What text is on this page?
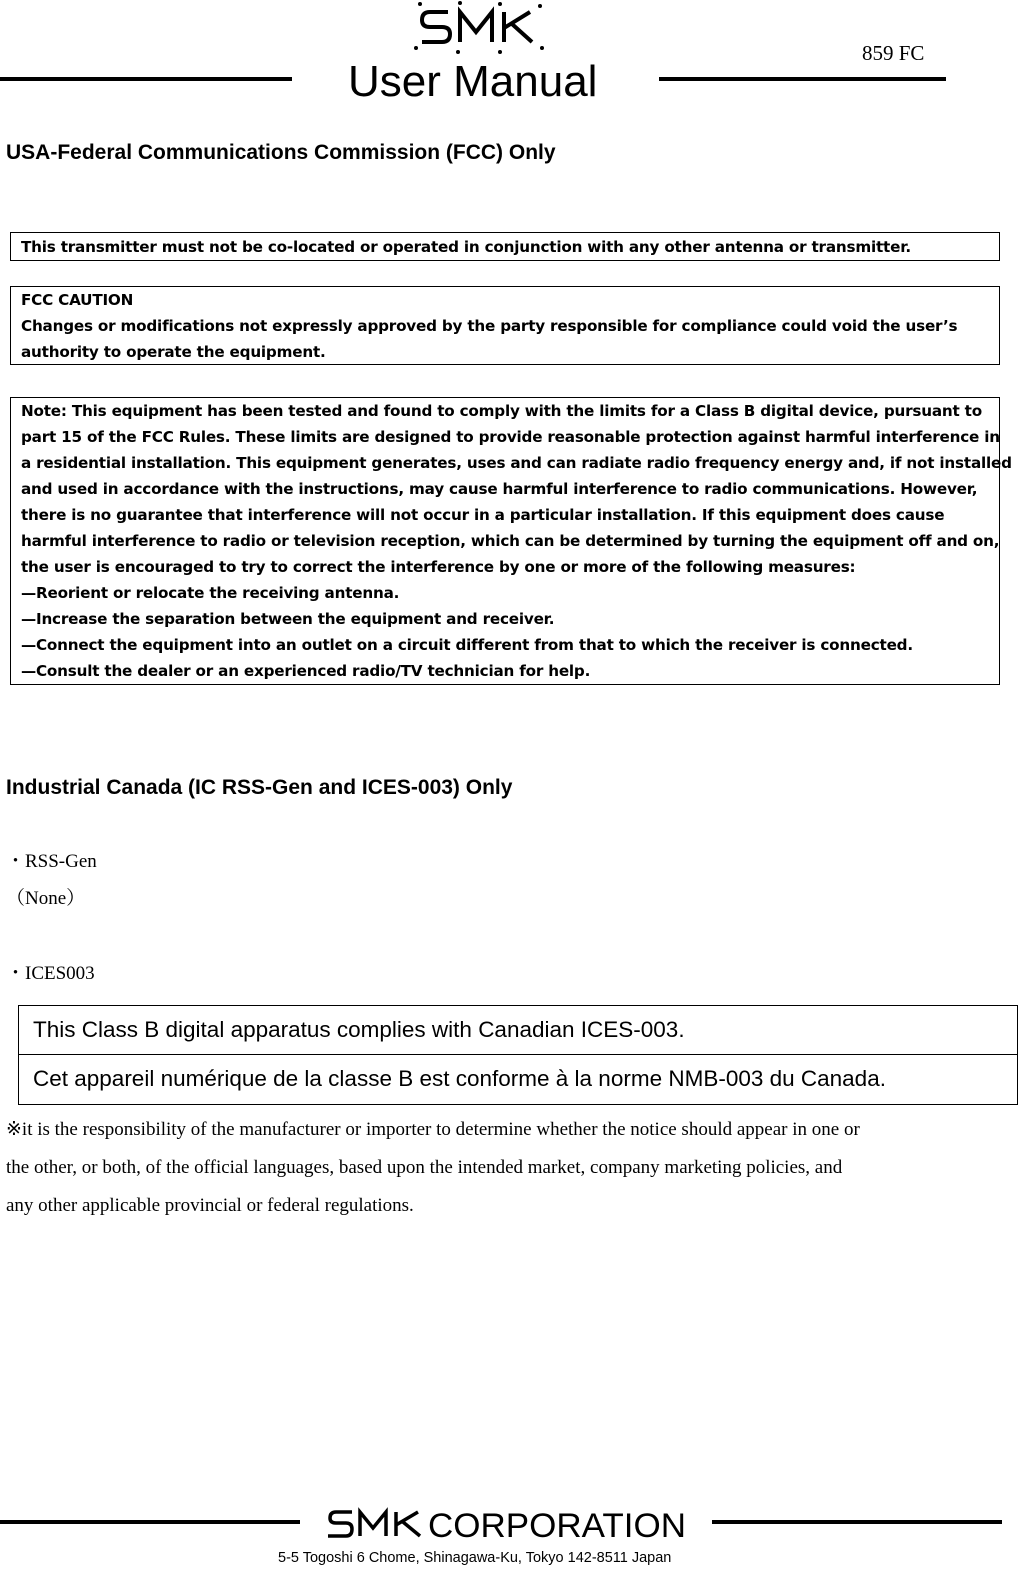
User Manual
859 FC
USA-Federal Communications Commission (FCC) Only
This transmitter must not be co-located or operated in conjunction with any other antenna or transmitter.
FCC CAUTION
Changes or modifications not expressly approved by the party responsible for compliance could void the user’s
authority to operate the equipment.
Note: This equipment has been tested and found to comply with the limits for a Class B digital device, pursuant to
part 15 of the FCC Rules. These limits are designed to provide reasonable protection against harmful interference in
a residential installation. This equipment generates, uses and can radiate radio frequency energy and, if not installed
and used in accordance with the instructions, may cause harmful interference to radio communications. However,
there is no guarantee that interference will not occur in a particular installation. If this equipment does cause
harmful interference to radio or television reception, which can be determined by turning the equipment off and on,
the user is encouraged to try to correct the interference by one or more of the following measures:
—Reorient or relocate the receiving antenna.
—Increase the separation between the equipment and receiver.
—Connect the equipment into an outlet on a circuit different from that to which the receiver is connected.
—Consult the dealer or an experienced radio/TV technician for help.
Industrial Canada (IC RSS-Gen and ICES-003) Only
・RSS-Gen
（None）
・ICES003
This Class B digital apparatus complies with Canadian ICES-003.
Cet appareil numérique de la classe B est conforme à la norme NMB-003 du Canada.
※it is the responsibility of the manufacturer or importer to determine whether the notice should appear in one or
the other, or both, of the official languages, based upon the intended market, company marketing policies, and
any other applicable provincial or federal regulations.
CORPORATION
5-5 Togoshi 6 Chome, Shinagawa-Ku, Tokyo 142-8511 Japan
